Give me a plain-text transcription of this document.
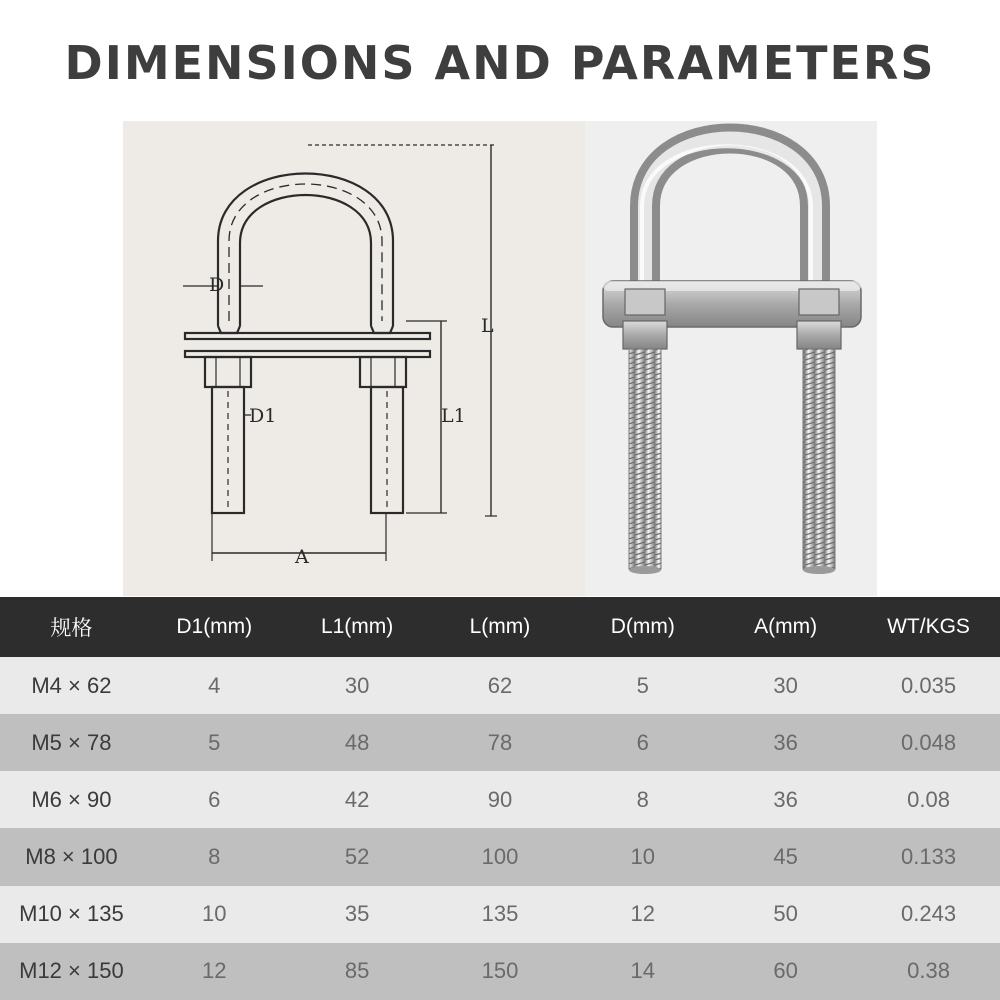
DIMENSIONS AND PARAMETERS
D
D1
L
L1
A
规格	D1(mm)	L1(mm)	L(mm)	D(mm)	A(mm)	WT/KGS
M4 × 62	4	30	62	5	30	0.035
M5 × 78	5	48	78	6	36	0.048
M6 × 90	6	42	90	8	36	0.08
M8 × 100	8	52	100	10	45	0.133
M10 × 135	10	35	135	12	50	0.243
M12 × 150	12	85	150	14	60	0.38
